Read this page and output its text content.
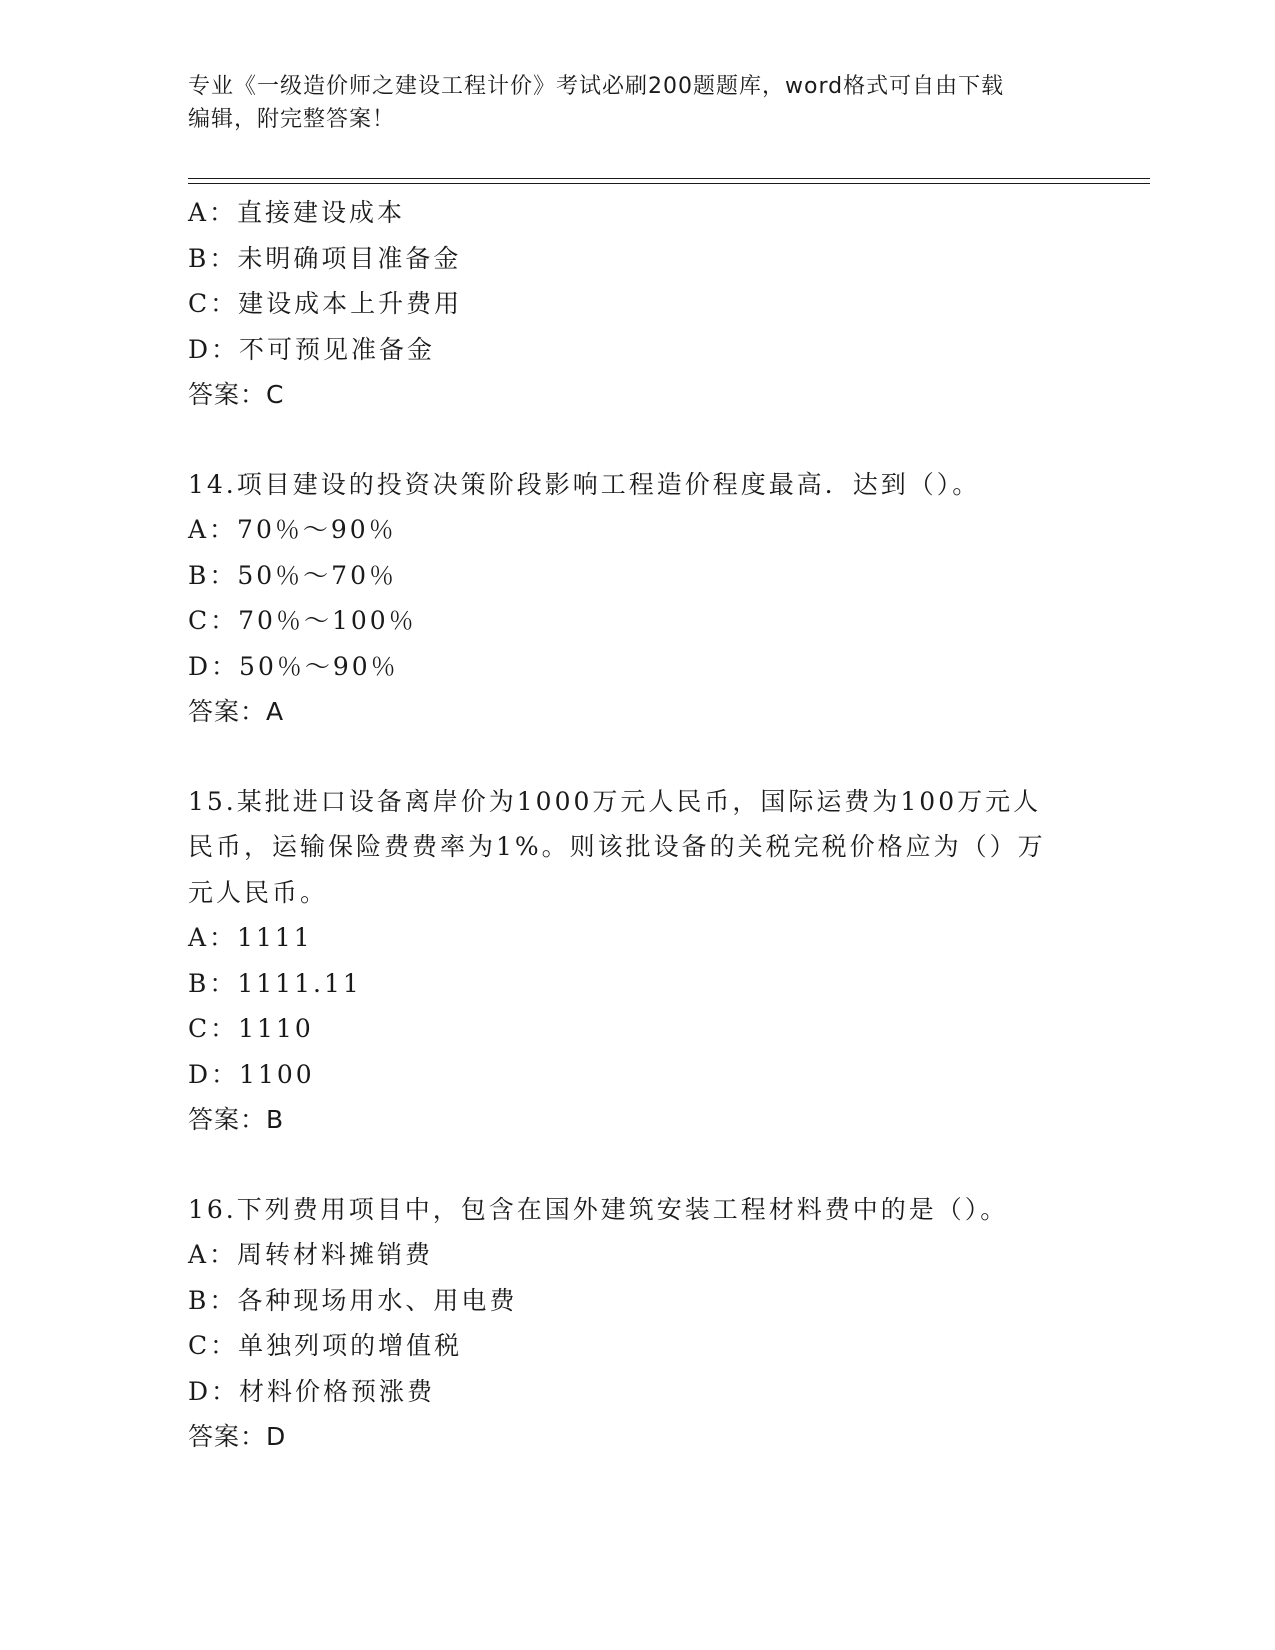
专业《一级造价师之建设工程计价》考试必刷200题题库，word格式可自由下载
编辑，附完整答案！
A：直接建设成本
B：未明确项目准备金
C：建设成本上升费用
D：不可预见准备金
答案：C
14.项目建设的投资决策阶段影响工程造价程度最高．达到（）。
A：70％～90％
B：50％～70％
C：70％～100％
D：50％～90％
答案：A
15.某批进口设备离岸价为1000万元人民币，国际运费为100万元人
民币，运输保险费费率为1%。则该批设备的关税完税价格应为（）万
元人民币。
A：1111
B：1111.11
C：1110
D：1100
答案：B
16.下列费用项目中，包含在国外建筑安装工程材料费中的是（）。
A：周转材料摊销费
B：各种现场用水、用电费
C：单独列项的增值税
D：材料价格预涨费
答案：D
